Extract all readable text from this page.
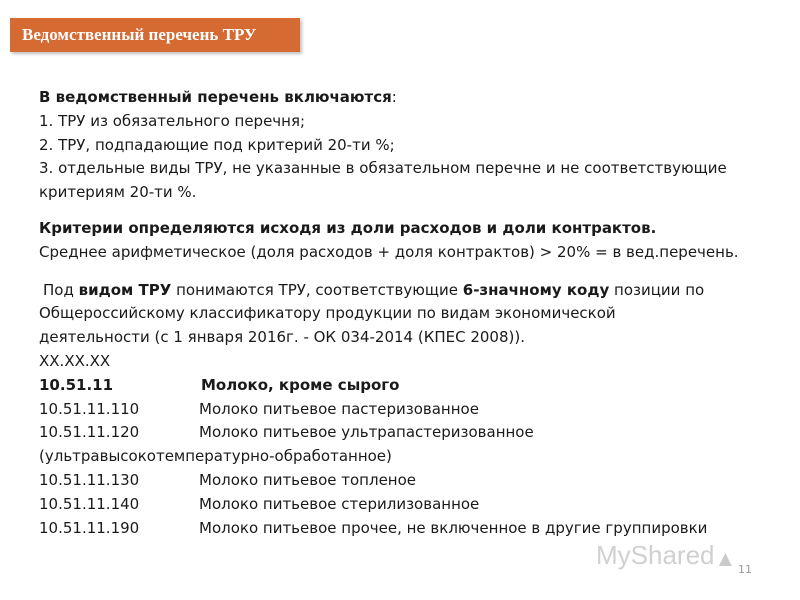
Ведомственный перечень ТРУ
В ведомственный перечень включаются:
1. ТРУ из обязательного перечня;
2. ТРУ, подпадающие под критерий 20-ти %;
3. отдельные виды ТРУ, не указанные в обязательном перечне и не соответствующие
критериям 20-ти %.
Критерии определяются исходя из доли расходов и доли контрактов.
Среднее арифметическое (доля расходов + доля контрактов) > 20% = в вед.перечень.
Под видом ТРУ понимаются ТРУ, соответствующие 6-значному коду позиции по
Общероссийскому классификатору продукции по видам экономической
деятельности (с 1 января 2016г. - ОК 034-2014 (КПЕС 2008)).
XX.XX.XX
10.51.11	Молоко, кроме сырого
10.51.11.110	Молоко питьевое пастеризованное
10.51.11.120	Молоко питьевое ультрапастеризованное
(ультравысокотемпературно-обработанное)
10.51.11.130	Молоко питьевое топленое
10.51.11.140	Молоко питьевое стерилизованное
10.51.11.190	Молоко питьевое прочее, не включенное в другие группировки
MyShared▲ 11
